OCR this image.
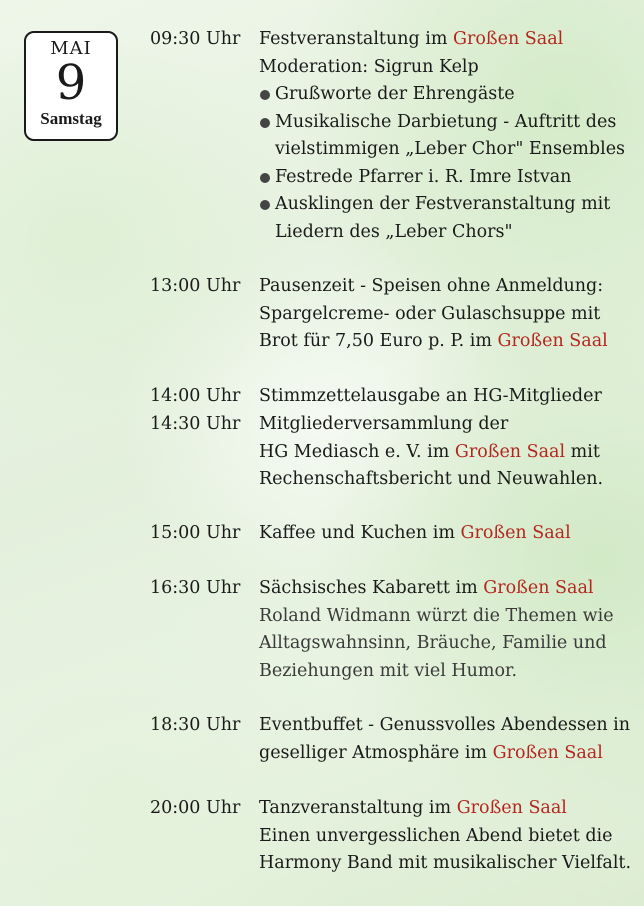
MAI
9
Samstag
09:30 Uhr	Festveranstaltung im Großen Saal
Moderation: Sigrun Kelp
Grußworte der Ehrengäste
Musikalische Darbietung - Auftritt des
vielstimmigen „Leber Chor" Ensembles
Festrede Pfarrer i. R. Imre Istvan
Ausklingen der Festveranstaltung mit
Liedern des „Leber Chors"
13:00 Uhr	Pausenzeit - Speisen ohne Anmeldung:
Spargelcreme- oder Gulaschsuppe mit
Brot für 7,50 Euro p. P. im Großen Saal
14:00 Uhr	Stimmzettelausgabe an HG-Mitglieder
14:30 Uhr	Mitgliederversammlung der
HG Mediasch e. V. im Großen Saal mit
Rechenschaftsbericht und Neuwahlen.
15:00 Uhr	Kaffee und Kuchen im Großen Saal
16:30 Uhr	Sächsisches Kabarett im Großen Saal
Roland Widmann würzt die Themen wie
Alltagswahnsinn, Bräuche, Familie und
Beziehungen mit viel Humor.
18:30 Uhr	Eventbuffet - Genussvolles Abendessen in
geselliger Atmosphäre im Großen Saal
20:00 Uhr	Tanzveranstaltung im Großen Saal
Einen unvergesslichen Abend bietet die
Harmony Band mit musikalischer Vielfalt.
